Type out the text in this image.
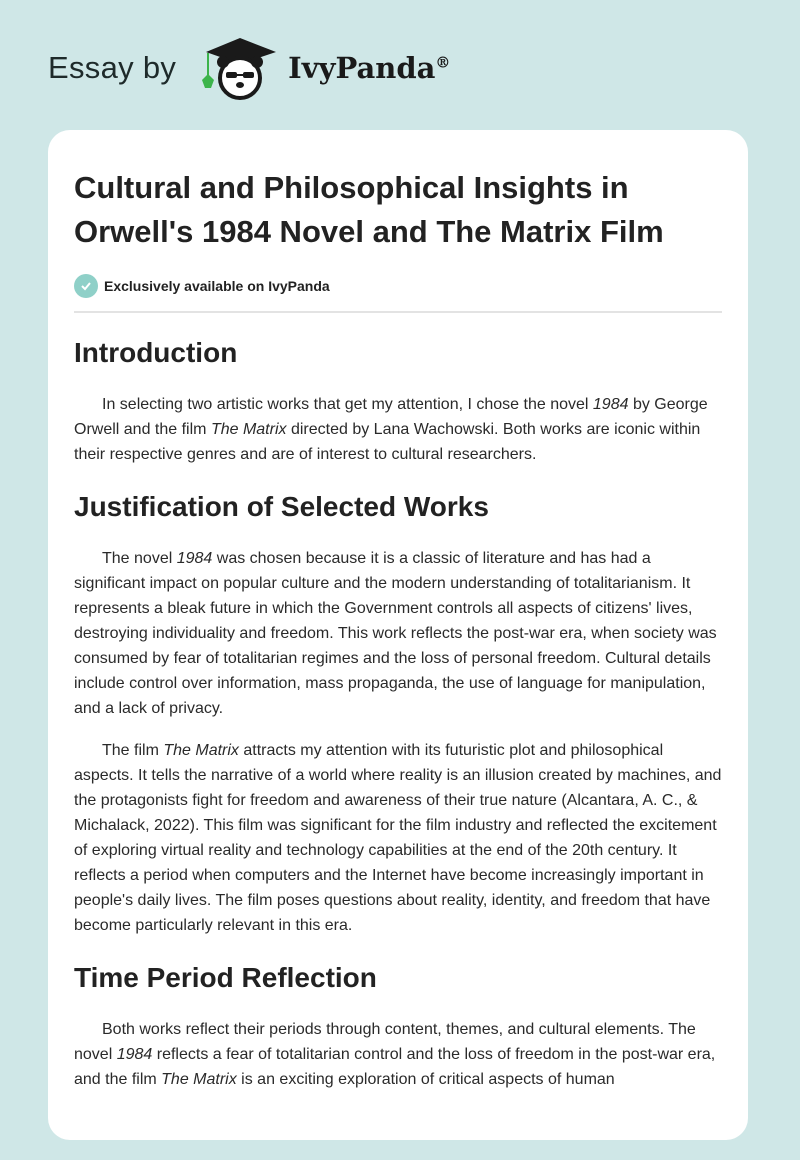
Essay by	IvyPanda®
Cultural and Philosophical Insights in Orwell's 1984 Novel and The Matrix Film
Exclusively available on IvyPanda
Introduction

In selecting two artistic works that get my attention, I chose the novel 1984 by George Orwell and the film The Matrix directed by Lana Wachowski. Both works are iconic within their respective genres and are of interest to cultural researchers.

Justification of Selected Works

The novel 1984 was chosen because it is a classic of literature and has had a significant impact on popular culture and the modern understanding of totalitarianism. It represents a bleak future in which the Government controls all aspects of citizens' lives, destroying individuality and freedom. This work reflects the post-war era, when society was consumed by fear of totalitarian regimes and the loss of personal freedom. Cultural details include control over information, mass propaganda, the use of language for manipulation, and a lack of privacy.

The film The Matrix attracts my attention with its futuristic plot and philosophical aspects. It tells the narrative of a world where reality is an illusion created by machines, and the protagonists fight for freedom and awareness of their true nature (Alcantara, A. C., & Michalack, 2022). This film was significant for the film industry and reflected the excitement of exploring virtual reality and technology capabilities at the end of the 20th century. It reflects a period when computers and the Internet have become increasingly important in people's daily lives. The film poses questions about reality, identity, and freedom that have become particularly relevant in this era.

Time Period Reflection

Both works reflect their periods through content, themes, and cultural elements. The novel 1984 reflects a fear of totalitarian control and the loss of freedom in the post-war era, and the film The Matrix is an exciting exploration of critical aspects of human
